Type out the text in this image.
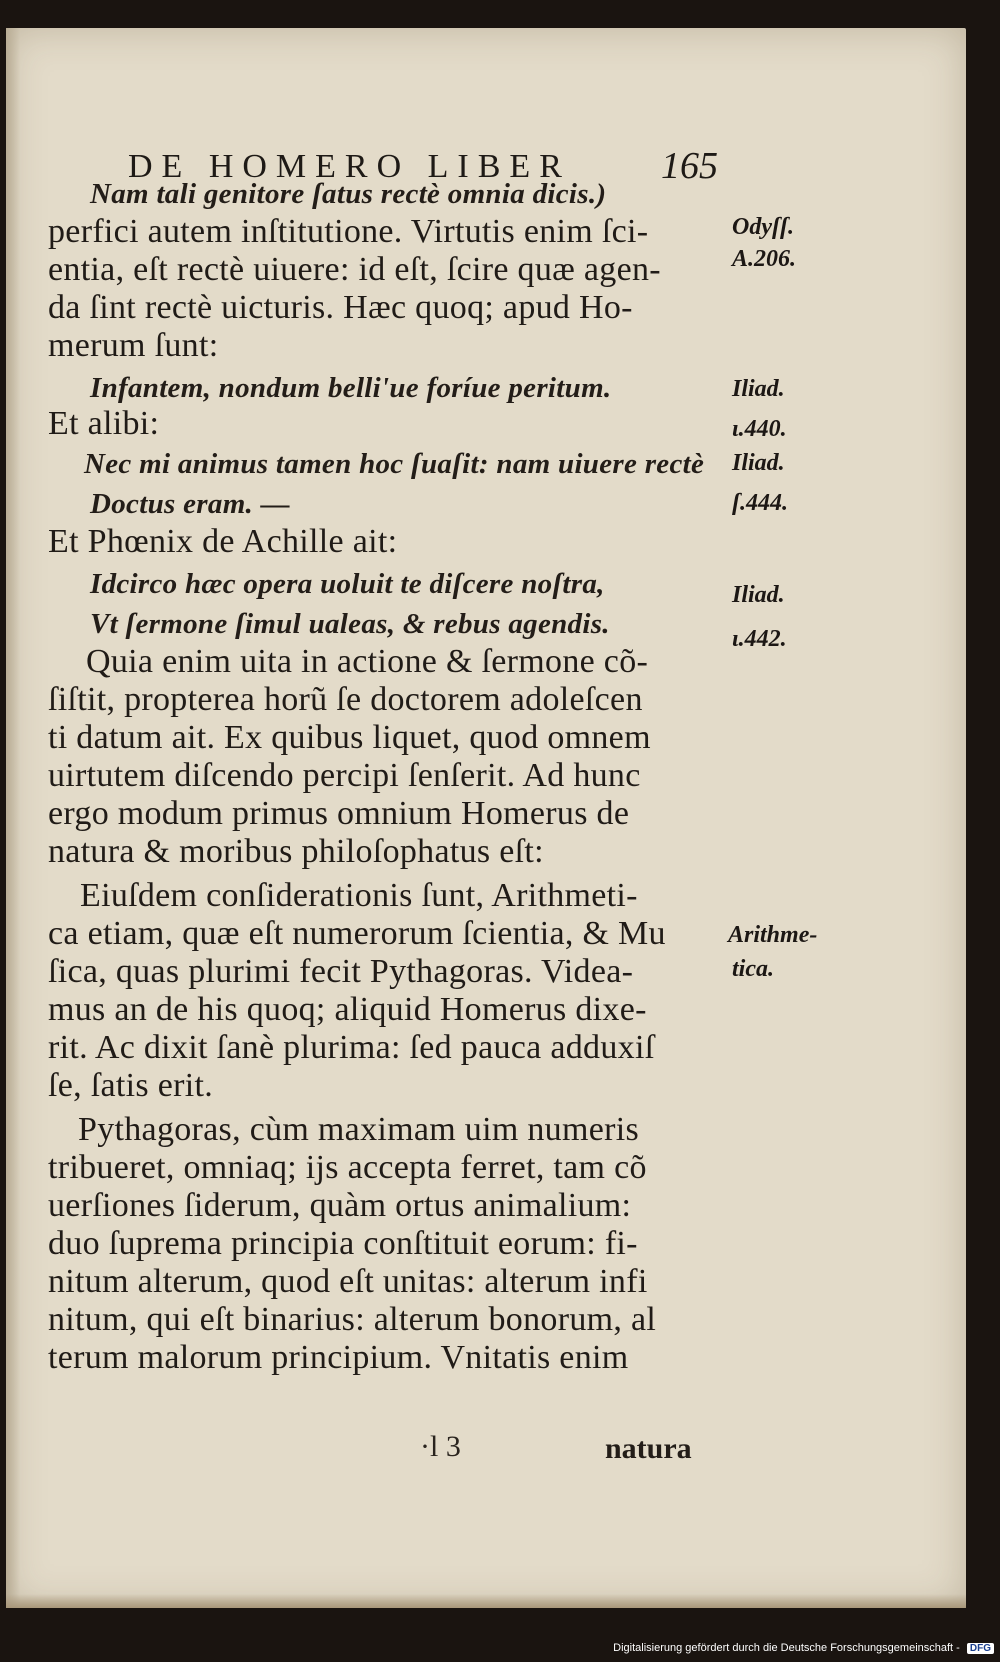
DE HOMERO LIBER 165
Nam tali genitore ſatus rectè omnia dicis.)
perfici autem inſtitutione. Virtutis enim ſci-
entia, eſt rectè uiuere: id eſt, ſcire quæ agen-
da ſint rectè uicturis. Hæc quoq; apud Ho-
merum ſunt:
Infantem, nondum belli'ue foríue peritum.
Et alibi:
Nec mi animus tamen hoc ſuaſit: nam uiuere rectè
Doctus eram. —
Et Phœnix de Achille ait:
Idcirco hæc opera uoluit te diſcere noſtra,
Vt ſermone ſimul ualeas, & rebus agendis.
Quia enim uita in actione & ſermone cõ-
ſiſtit, propterea horũ ſe doctorem adoleſcen
ti datum ait. Ex quibus liquet, quod omnem
uirtutem diſcendo percipi ſenſerit. Ad hunc
ergo modum primus omnium Homerus de
natura & moribus philoſophatus eſt:
Eiuſdem conſiderationis ſunt, Arithmeti-
ca etiam, quæ eſt numerorum ſcientia, & Mu
ſica, quas plurimi fecit Pythagoras. Videa-
mus an de his quoq; aliquid Homerus dixe-
rit. Ac dixit ſanè plurima: ſed pauca adduxiſ
ſe, ſatis erit.
Pythagoras, cùm maximam uim numeris
tribueret, omniaq; ijs accepta ferret, tam cõ
uerſiones ſiderum, quàm ortus animalium:
duo ſuprema principia conſtituit eorum: fi-
nitum alterum, quod eſt unitas: alterum infi
nitum, qui eſt binarius: alterum bonorum, al
terum malorum principium. Vnitatis enim
Odyſſ.
A.206.
Iliad.
ι.440.
Iliad.
ſ.444.
Iliad.
ι.442.
Arithme-
tica.
·l 3	natura
Digitalisierung gefördert durch die Deutsche Forschungsgemeinschaft - DFG
